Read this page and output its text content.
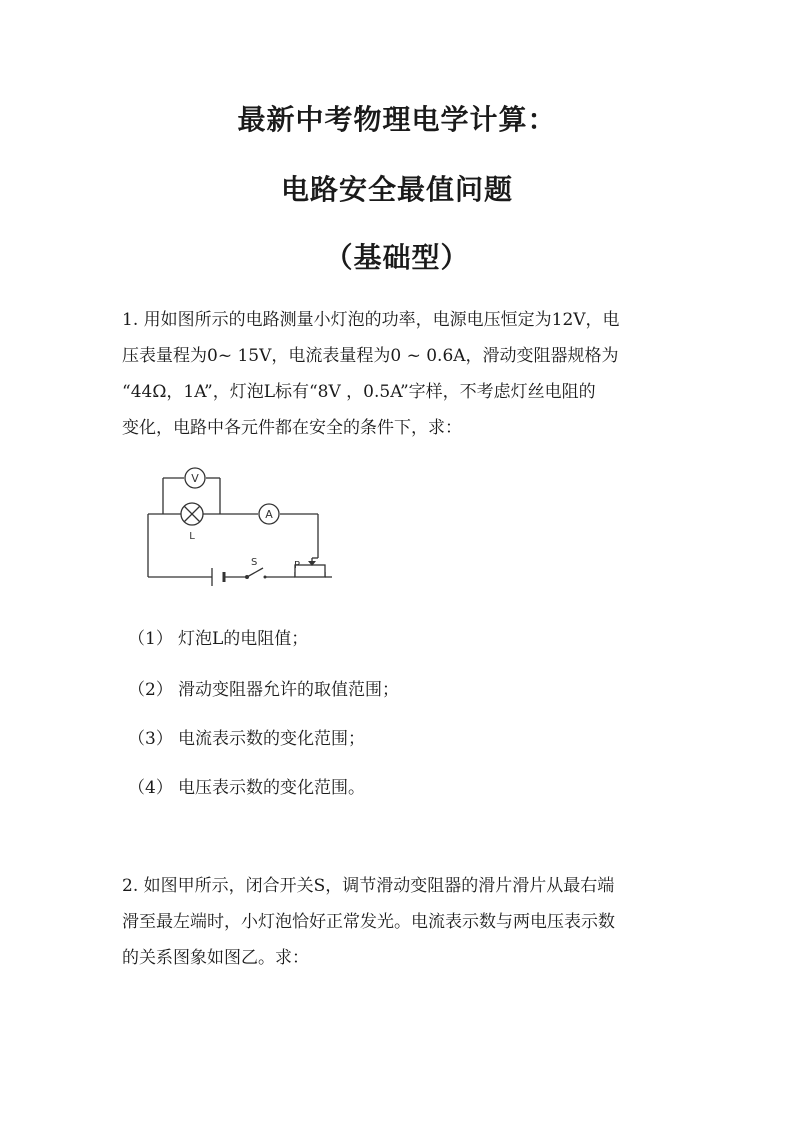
最新中考物理电学计算：
电路安全最值问题
（基础型）
1. 用如图所示的电路测量小灯泡的功率，电源电压恒定为12V，电
压表量程为0~ 15V，电流表量程为0 ~ 0.6A，滑动变阻器规格为
“44Ω，1A”，灯泡L标有“8V ，0.5A”字样，不考虑灯丝电阻的
变化，电路中各元件都在安全的条件下，求：
V
L
A
S	P

（1） 灯泡L的电阻值；

（2） 滑动变阻器允许的取值范围；

（3） 电流表示数的变化范围；

（4） 电压表示数的变化范围。

2. 如图甲所示，闭合开关S，调节滑动变阻器的滑片滑片从最右端
滑至最左端时，小灯泡恰好正常发光。电流表示数与两电压表示数
的关系图象如图乙。求：
